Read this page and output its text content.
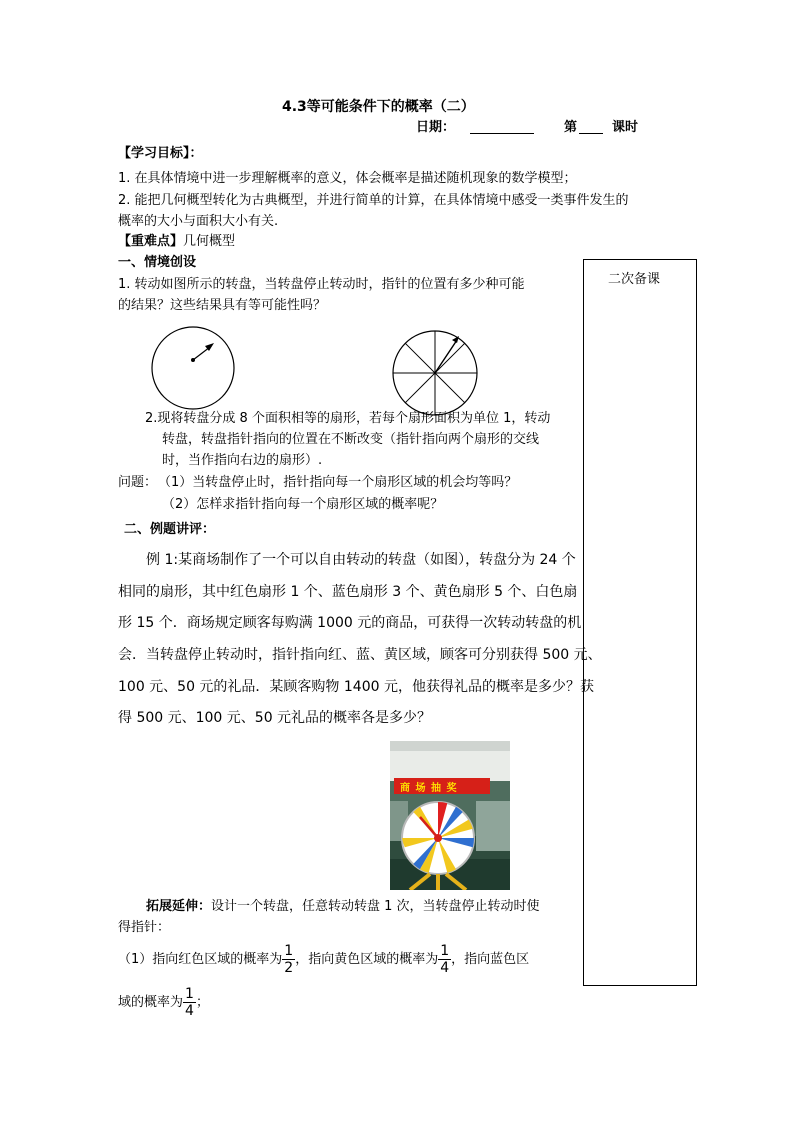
4.3等可能条件下的概率（二）
日期：	第	课时
【学习目标】：
1. 在具体情境中进一步理解概率的意义，体会概率是描述随机现象的数学模型；
2. 能把几何概型转化为古典概型，并进行简单的计算，在具体情境中感受一类事件发生的
概率的大小与面积大小有关.
【重难点】几何概型
二次备课
一、情境创设
1. 转动如图所示的转盘，当转盘停止转动时，指针的位置有多少种可能
的结果？这些结果具有等可能性吗？
2.现将转盘分成 8 个面积相等的扇形，若每个扇形面积为单位 1，转动
转盘，转盘指针指向的位置在不断改变（指针指向两个扇形的交线
时，当作指向右边的扇形）.
问题： （1）当转盘停止时，指针指向每一个扇形区域的机会均等吗？
（2）怎样求指针指向每一个扇形区域的概率呢？
二、例题讲评：
例 1:某商场制作了一个可以自由转动的转盘（如图），转盘分为 24 个
相同的扇形，其中红色扇形 1 个、蓝色扇形 3 个、黄色扇形 5 个、白色扇
形 15 个．商场规定顾客每购满 1000 元的商品，可获得一次转动转盘的机
会．当转盘停止转动时，指针指向红、蓝、黄区域，顾客可分别获得 500 元、
100 元、50 元的礼品．某顾客购物 1400 元，他获得礼品的概率是多少？获
得 500 元、100 元、50 元礼品的概率各是多少？
商 场 抽 奖
拓展延伸：设计一个转盘，任意转动转盘 1 次，当转盘停止转动时使
得指针：
（1）指向红色区域的概率为 $\frac{1}{2}$ ，指向黄色区域的概率为 $\frac{1}{4}$ ，指向蓝色区
域的概率为 $\frac{1}{4}$ ；
